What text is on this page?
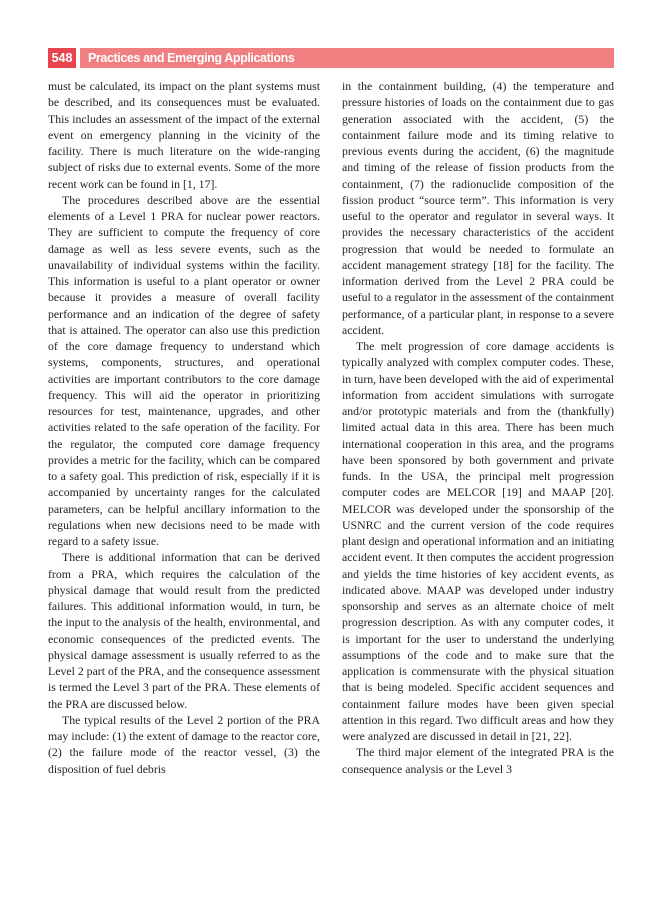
548 Practices and Emerging Applications

must be calculated, its impact on the plant systems must be described, and its consequences must be evaluated. This includes an assessment of the impact of the external event on emergency planning in the vicinity of the facility. There is much literature on the wide-ranging subject of risks due to external events. Some of the more recent work can be found in [1, 17].

The procedures described above are the essential elements of a Level 1 PRA for nuclear power reactors. They are sufficient to compute the frequency of core damage as well as less severe events, such as the unavailability of individual systems within the facility. This information is useful to a plant operator or owner because it provides a measure of overall facility performance and an indication of the degree of safety that is attained. The operator can also use this prediction of the core damage frequency to understand which systems, components, structures, and operational activities are important contributors to the core damage frequency. This will aid the operator in prioritizing resources for test, maintenance, upgrades, and other activities related to the safe operation of the facility. For the regulator, the computed core damage frequency provides a metric for the facility, which can be compared to a safety goal. This prediction of risk, especially if it is accompanied by uncertainty ranges for the calculated parameters, can be helpful ancillary information to the regulations when new decisions need to be made with regard to a safety issue.

There is additional information that can be derived from a PRA, which requires the calculation of the physical damage that would result from the predicted failures. This additional information would, in turn, be the input to the analysis of the health, environmental, and economic consequences of the predicted events. The physical damage assessment is usually referred to as the Level 2 part of the PRA, and the consequence assessment is termed the Level 3 part of the PRA. These elements of the PRA are discussed below.

The typical results of the Level 2 portion of the PRA may include: (1) the extent of damage to the reactor core, (2) the failure mode of the reactor vessel, (3) the disposition of fuel debris

in the containment building, (4) the temperature and pressure histories of loads on the containment due to gas generation associated with the accident, (5) the containment failure mode and its timing relative to previous events during the accident, (6) the magnitude and timing of the release of fission products from the containment, (7) the radionuclide composition of the fission product “source term”. This information is very useful to the operator and regulator in several ways. It provides the necessary characteristics of the accident progression that would be needed to formulate an accident management strategy [18] for the facility. The information derived from the Level 2 PRA could be useful to a regulator in the assessment of the containment performance, of a particular plant, in response to a severe accident.

The melt progression of core damage accidents is typically analyzed with complex computer codes. These, in turn, have been developed with the aid of experimental information from accident simulations with surrogate and/or prototypic materials and from the (thankfully) limited actual data in this area. There has been much international cooperation in this area, and the programs have been sponsored by both government and private funds. In the USA, the principal melt progression computer codes are MELCOR [19] and MAAP [20]. MELCOR was developed under the sponsorship of the USNRC and the current version of the code requires plant design and operational information and an initiating accident event. It then computes the accident progression and yields the time histories of key accident events, as indicated above. MAAP was developed under industry sponsorship and serves as an alternate choice of melt progression description. As with any computer codes, it is important for the user to understand the underlying assumptions of the code and to make sure that the application is commensurate with the physical situation that is being modeled. Specific accident sequences and containment failure modes have been given special attention in this regard. Two difficult areas and how they were analyzed are discussed in detail in [21, 22].

The third major element of the integrated PRA is the consequence analysis or the Level 3
